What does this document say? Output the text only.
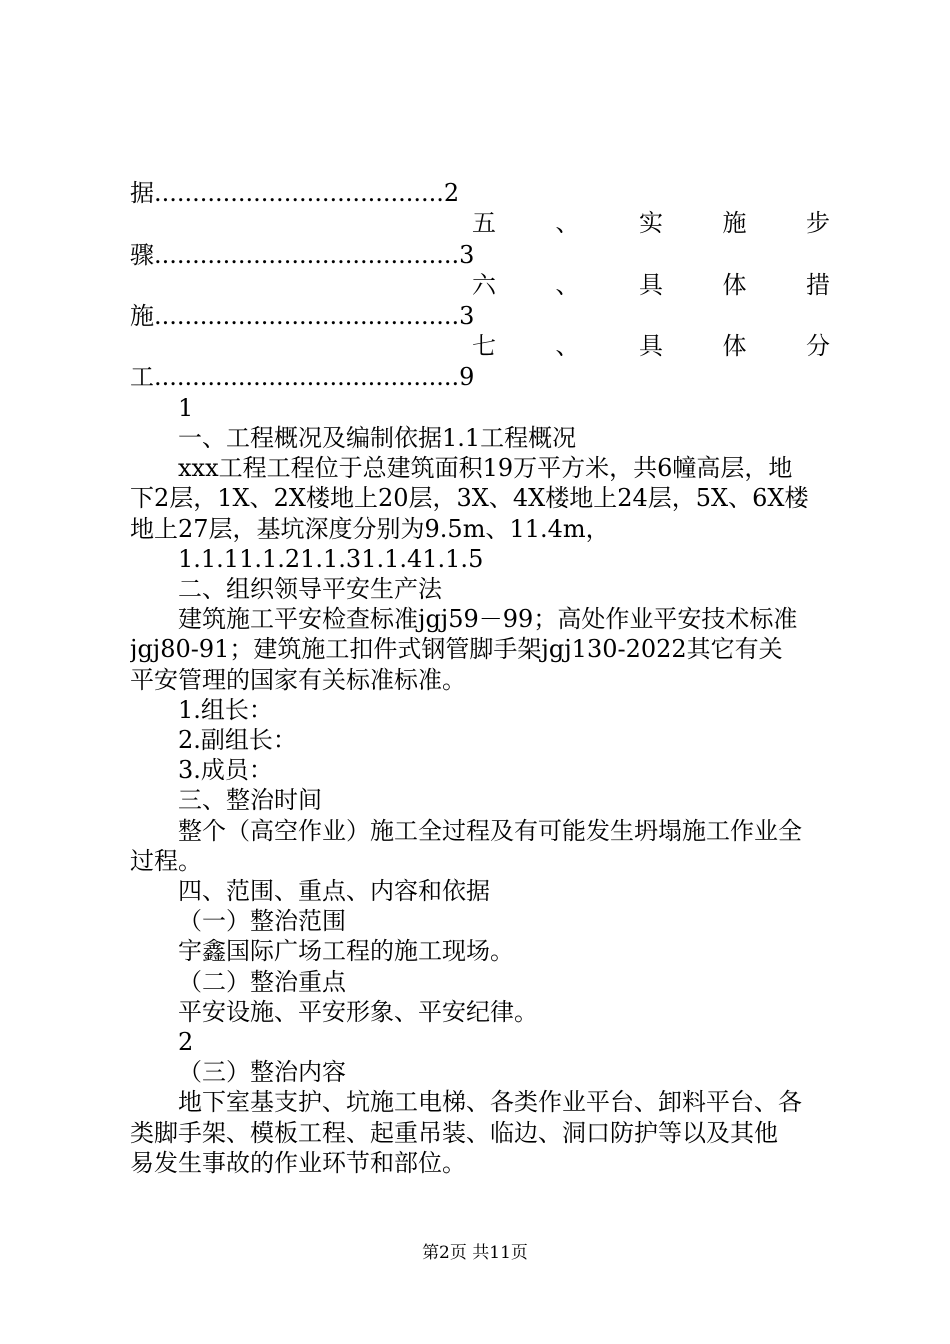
据......................................2
五 、 实 施 步
骤........................................3
六 、 具 体 措
施........................................3
七 、 具 体 分
工........................................9
1
一、工程概况及编制依据1.1工程概况
xxx工程工程位于总建筑面积19万平方米，共6幢高层，地
下2层，1X、2X楼地上20层，3X、4X楼地上24层，5X、6X楼
地上27层，基坑深度分别为9.5m、11.4m，
1.1.11.1.21.1.31.1.41.1.5
二、组织领导平安生产法
建筑施工平安检查标准jgj59－99；高处作业平安技术标准
jgj80-91；建筑施工扣件式钢管脚手架jgj130-2022其它有关
平安管理的国家有关标准标准。
1.组长：
2.副组长：
3.成员：
三、整治时间
整个（高空作业）施工全过程及有可能发生坍塌施工作业全
过程。
四、范围、重点、内容和依据
（一）整治范围
宇鑫国际广场工程的施工现场。
（二）整治重点
平安设施、平安形象、平安纪律。
2
（三）整治内容
地下室基支护、坑施工电梯、各类作业平台、卸料平台、各
类脚手架、模板工程、起重吊装、临边、洞口防护等以及其他
易发生事故的作业环节和部位。
第2页 共11页
